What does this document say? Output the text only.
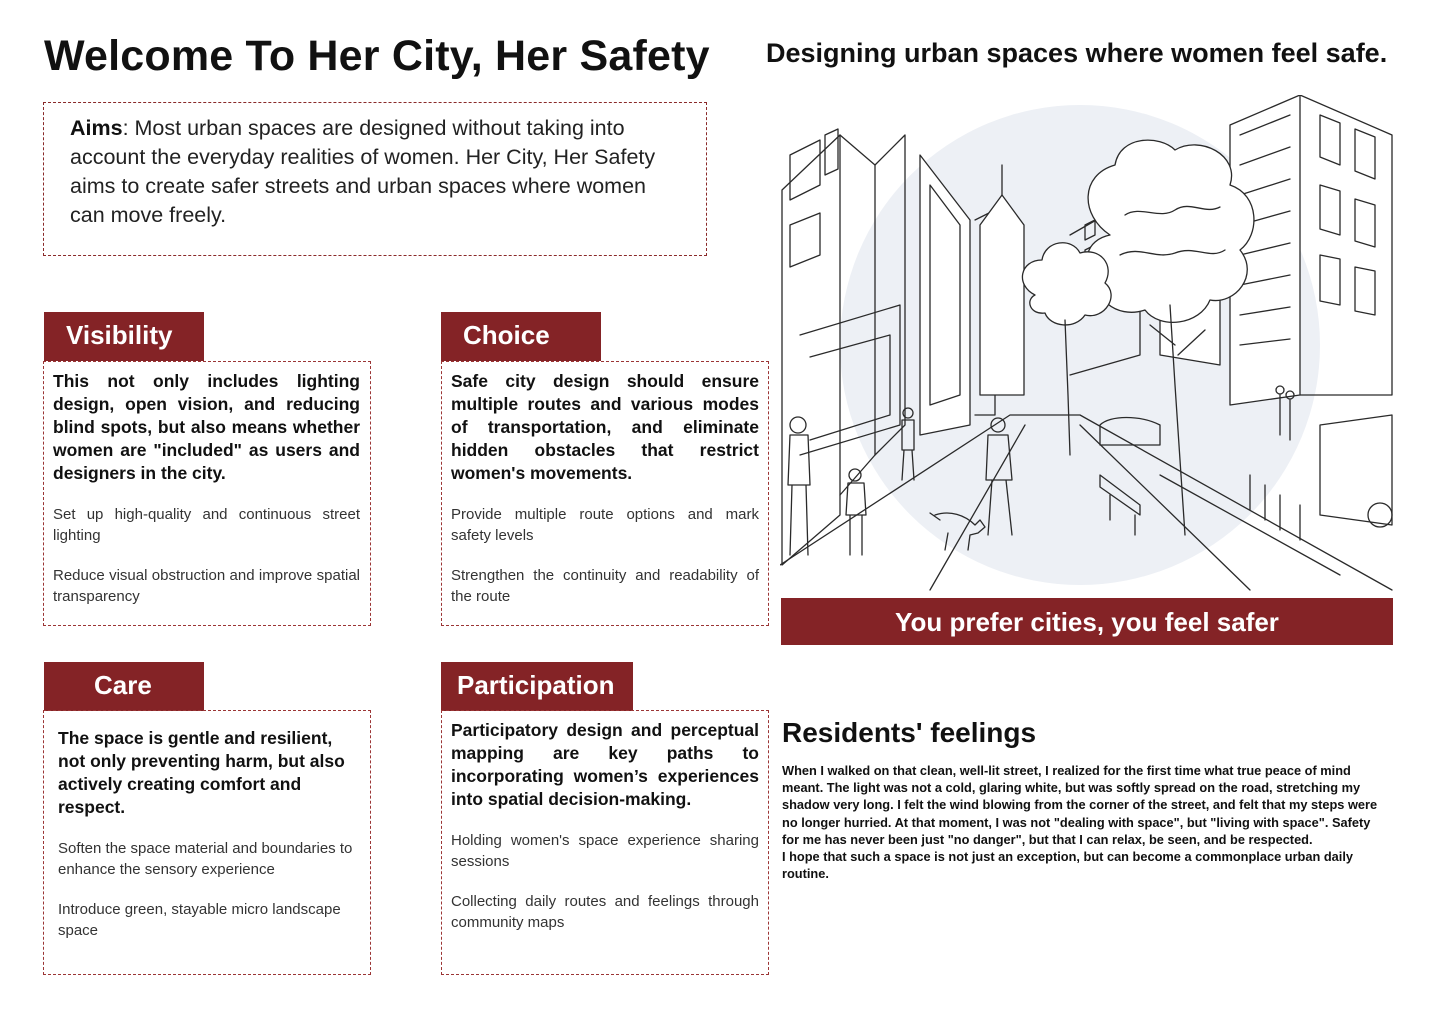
Welcome To Her City, Her Safety Designing urban spaces where women feel safe.

Aims: Most urban spaces are designed without taking into account the everyday realities of women. Her City, Her Safety aims to create safer streets and urban spaces where women can move freely.

Visibility

This not only includes lighting design, open vision, and reducing blind spots, but also means whether women are "included" as users and designers in the city.

Set up high-quality and continuous street lighting

Reduce visual obstruction and improve spatial transparency

Choice

Safe city design should ensure multiple routes and various modes of transportation, and eliminate hidden obstacles that restrict women's movements.

Provide multiple route options and mark safety levels

Strengthen the continuity and readability of the route

Care

The space is gentle and resilient, not only preventing harm, but also actively creating comfort and respect.

Soften the space material and boundaries to enhance the sensory experience

Introduce green, stayable micro landscape space

Participation

Participatory design and perceptual mapping are key paths to incorporating women’s experiences into spatial decision-making.

Holding women's space experience sharing sessions

Collecting daily routes and feelings through community maps

You prefer cities, you feel safer
Residents' feelings
When I walked on that clean, well-lit street, I realized for the first time what true peace of mind meant. The light was not a cold, glaring white, but was softly spread on the road, stretching my shadow very long. I felt the wind blowing from the corner of the street, and felt that my steps were no longer hurried. At that moment, I was not "dealing with space", but "living with space". Safety for me has never been just "no danger", but that I can relax, be seen, and be respected.
I hope that such a space is not just an exception, but can become a commonplace urban daily routine.
